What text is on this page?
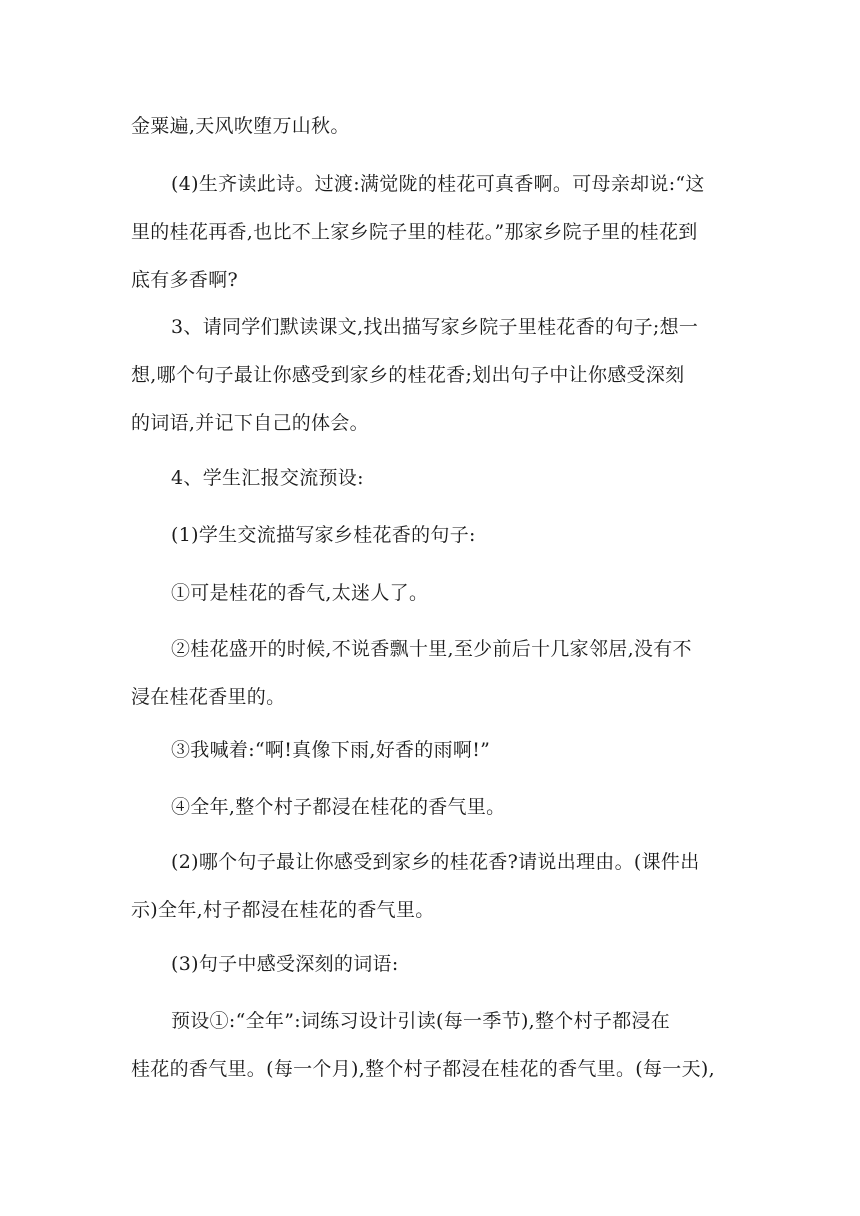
金粟遍,天风吹堕万山秋。

(4)生齐读此诗。过渡:满觉陇的桂花可真香啊。可母亲却说:“这
里的桂花再香,也比不上家乡院子里的桂花。”那家乡院子里的桂花到
底有多香啊?

3、请同学们默读课文,找出描写家乡院子里桂花香的句子;想一
想,哪个句子最让你感受到家乡的桂花香;划出句子中让你感受深刻
的词语,并记下自己的体会。

4、学生汇报交流预设:

(1)学生交流描写家乡桂花香的句子:

①可是桂花的香气,太迷人了。

②桂花盛开的时候,不说香飘十里,至少前后十几家邻居,没有不
浸在桂花香里的。

③我喊着:“啊!真像下雨,好香的雨啊!”

④全年,整个村子都浸在桂花的香气里。

(2)哪个句子最让你感受到家乡的桂花香?请说出理由。(课件出
示)全年,村子都浸在桂花的香气里。

(3)句子中感受深刻的词语:

预设①:“全年”:词练习设计引读(每一季节),整个村子都浸在
桂花的香气里。(每一个月),整个村子都浸在桂花的香气里。(每一天),
